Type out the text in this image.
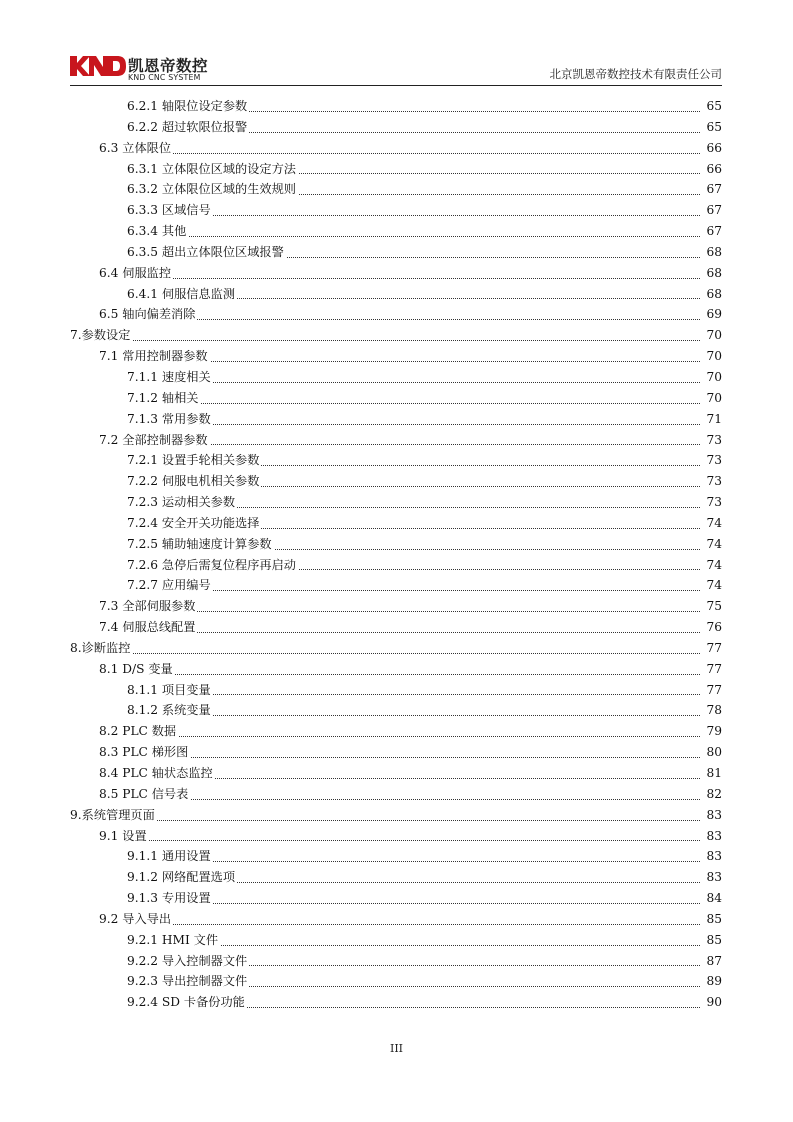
凯恩帝数控
KND CNC SYSTEM	北京凯恩帝数控技术有限责任公司
6.2.1 轴限位设定参数	65
6.2.2 超过软限位报警	65
6.3 立体限位	66
6.3.1 立体限位区域的设定方法	66
6.3.2 立体限位区域的生效规则	67
6.3.3 区域信号	67
6.3.4 其他	67
6.3.5 超出立体限位区域报警	68
6.4 伺服监控	68
6.4.1 伺服信息监测	68
6.5 轴向偏差消除	69
7.参数设定	70
7.1 常用控制器参数	70
7.1.1 速度相关	70
7.1.2 轴相关	70
7.1.3 常用参数	71
7.2 全部控制器参数	73
7.2.1 设置手轮相关参数	73
7.2.2 伺服电机相关参数	73
7.2.3 运动相关参数	73
7.2.4 安全开关功能选择	74
7.2.5 辅助轴速度计算参数	74
7.2.6 急停后需复位程序再启动	74
7.2.7 应用编号	74
7.3 全部伺服参数	75
7.4 伺服总线配置	76
8.诊断监控	77
8.1 D/S 变量	77
8.1.1 项目变量	77
8.1.2 系统变量	78
8.2 PLC 数据	79
8.3 PLC 梯形图	80
8.4 PLC 轴状态监控	81
8.5 PLC 信号表	82
9.系统管理页面	83
9.1 设置	83
9.1.1 通用设置	83
9.1.2 网络配置选项	83
9.1.3 专用设置	84
9.2 导入导出	85
9.2.1 HMI 文件	85
9.2.2 导入控制器文件	87
9.2.3 导出控制器文件	89
9.2.4 SD 卡备份功能	90
III
